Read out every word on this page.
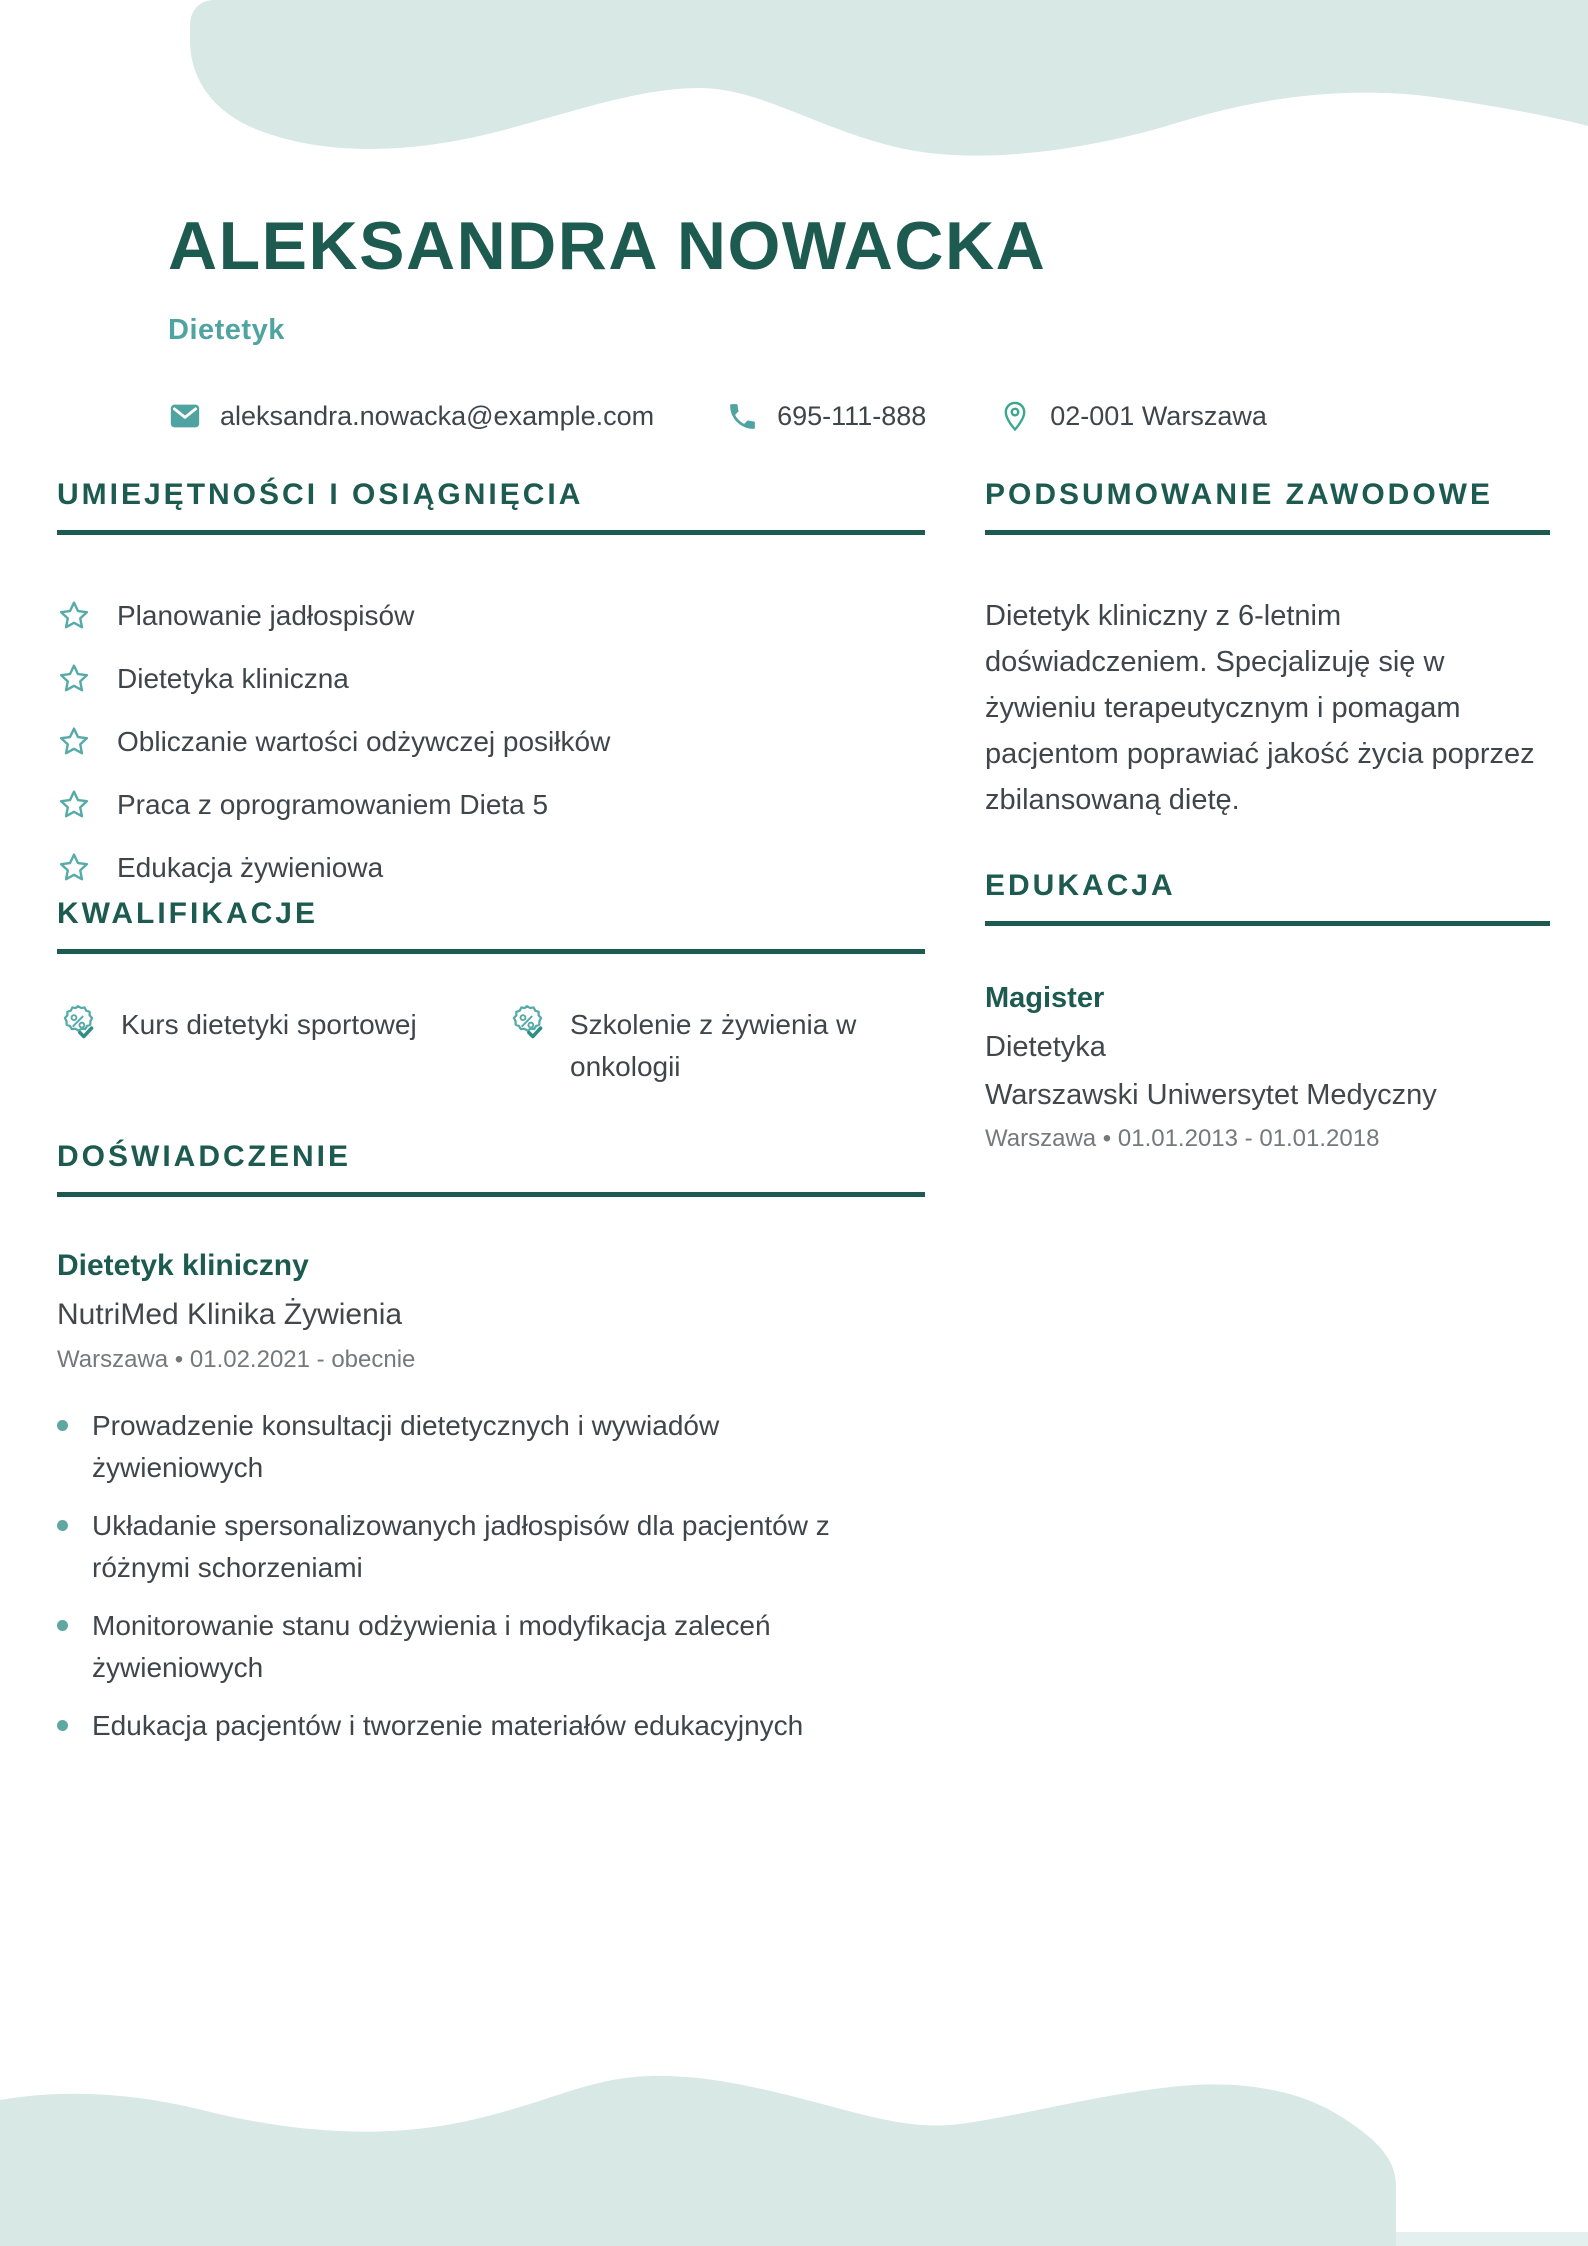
ALEKSANDRA NOWACKA
Dietetyk
aleksandra.nowacka@example.com	695-111-888	02-001 Warszawa
UMIEJĘTNOŚCI I OSIĄGNIĘCIA
Planowanie jadłospisów
Dietetyka kliniczna
Obliczanie wartości odżywczej posiłków
Praca z oprogramowaniem Dieta 5
Edukacja żywieniowa
KWALIFIKACJE
Kurs dietetyki sportowej	Szkolenie z żywienia w onkologii
DOŚWIADCZENIE
Dietetyk kliniczny
NutriMed Klinika Żywienia
Warszawa • 01.02.2021 - obecnie
Prowadzenie konsultacji dietetycznych i wywiadów żywieniowych
Układanie spersonalizowanych jadłospisów dla pacjentów z różnymi schorzeniami
Monitorowanie stanu odżywienia i modyfikacja zaleceń żywieniowych
Edukacja pacjentów i tworzenie materiałów edukacyjnych
PODSUMOWANIE ZAWODOWE

Dietetyk kliniczny z 6-letnim doświadczeniem. Specjalizuję się w żywieniu terapeutycznym i pomagam pacjentom poprawiać jakość życia poprzez zbilansowaną dietę.

EDUKACJA
Magister
Dietetyka
Warszawski Uniwersytet Medyczny
Warszawa • 01.01.2013 - 01.01.2018
